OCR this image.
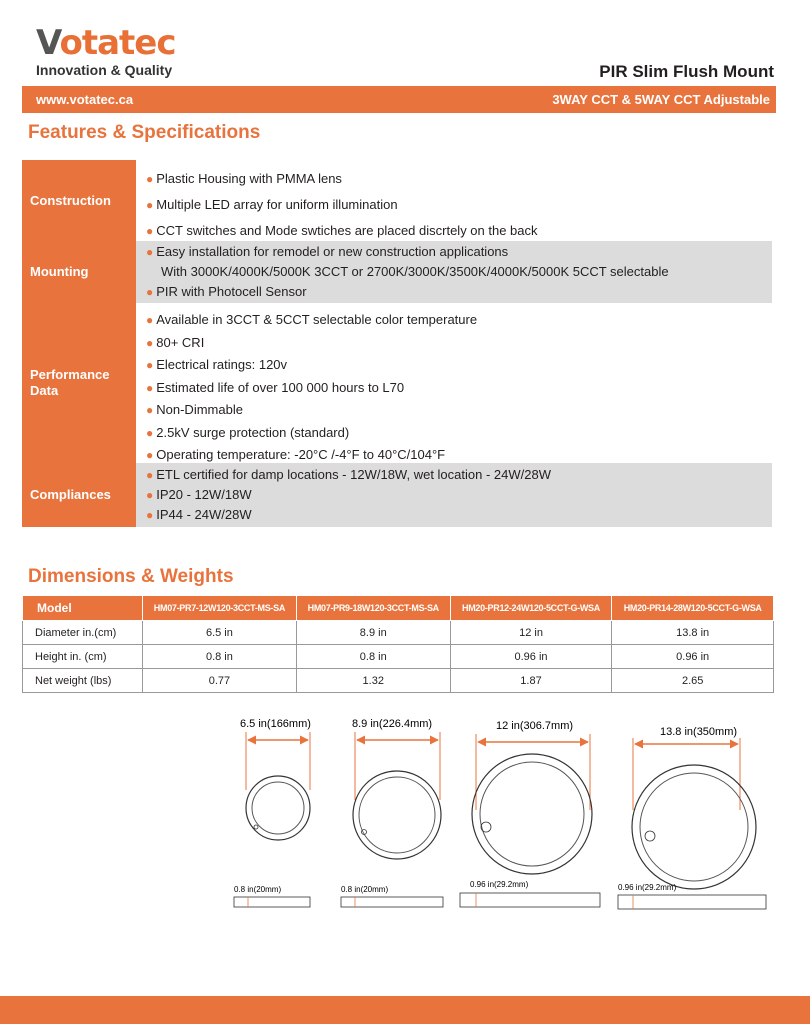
Votatec
Innovation & Quality	PIR Slim Flush Mount
www.votatec.ca	3WAY CCT & 5WAY CCT Adjustable
Features & Specifications
Construction
● Plastic Housing with PMMA lens
● Multiple LED array for uniform illumination
● CCT switches and Mode swtiches are placed discrtely on the back
Mounting
● Easy installation for remodel or new construction applications
With 3000K/4000K/5000K 3CCT or 2700K/3000K/3500K/4000K/5000K 5CCT selectable
● PIR with Photocell Sensor
Performance Data
● Available in 3CCT & 5CCT selectable color temperature
● 80+ CRI
● Electrical ratings: 120v
● Estimated life of over 100 000 hours to L70
● Non-Dimmable
● 2.5kV surge protection (standard)
● Operating temperature: -20°C /-4°F to 40°C/104°F
Compliances
● ETL certified for damp locations - 12W/18W, wet location - 24W/28W
● IP20 - 12W/18W
● IP44 - 24W/28W
Dimensions & Weights
Model	HM07-PR7-12W120-3CCT-MS-SA	HM07-PR9-18W120-3CCT-MS-SA	HM20-PR12-24W120-5CCT-G-WSA	HM20-PR14-28W120-5CCT-G-WSA
Diameter in.(cm)	6.5 in	8.9 in	12 in	13.8 in
Height in. (cm)	0.8 in	0.8 in	0.96 in	0.96 in
Net weight (lbs)	0.77	1.32	1.87	2.65
6.5 in(166mm)
0.8 in(20mm)
8.9 in(226.4mm)
0.8 in(20mm)
12 in(306.7mm)
0.96 in(29.2mm)
13.8 in(350mm)
0.96 in(29.2mm)
